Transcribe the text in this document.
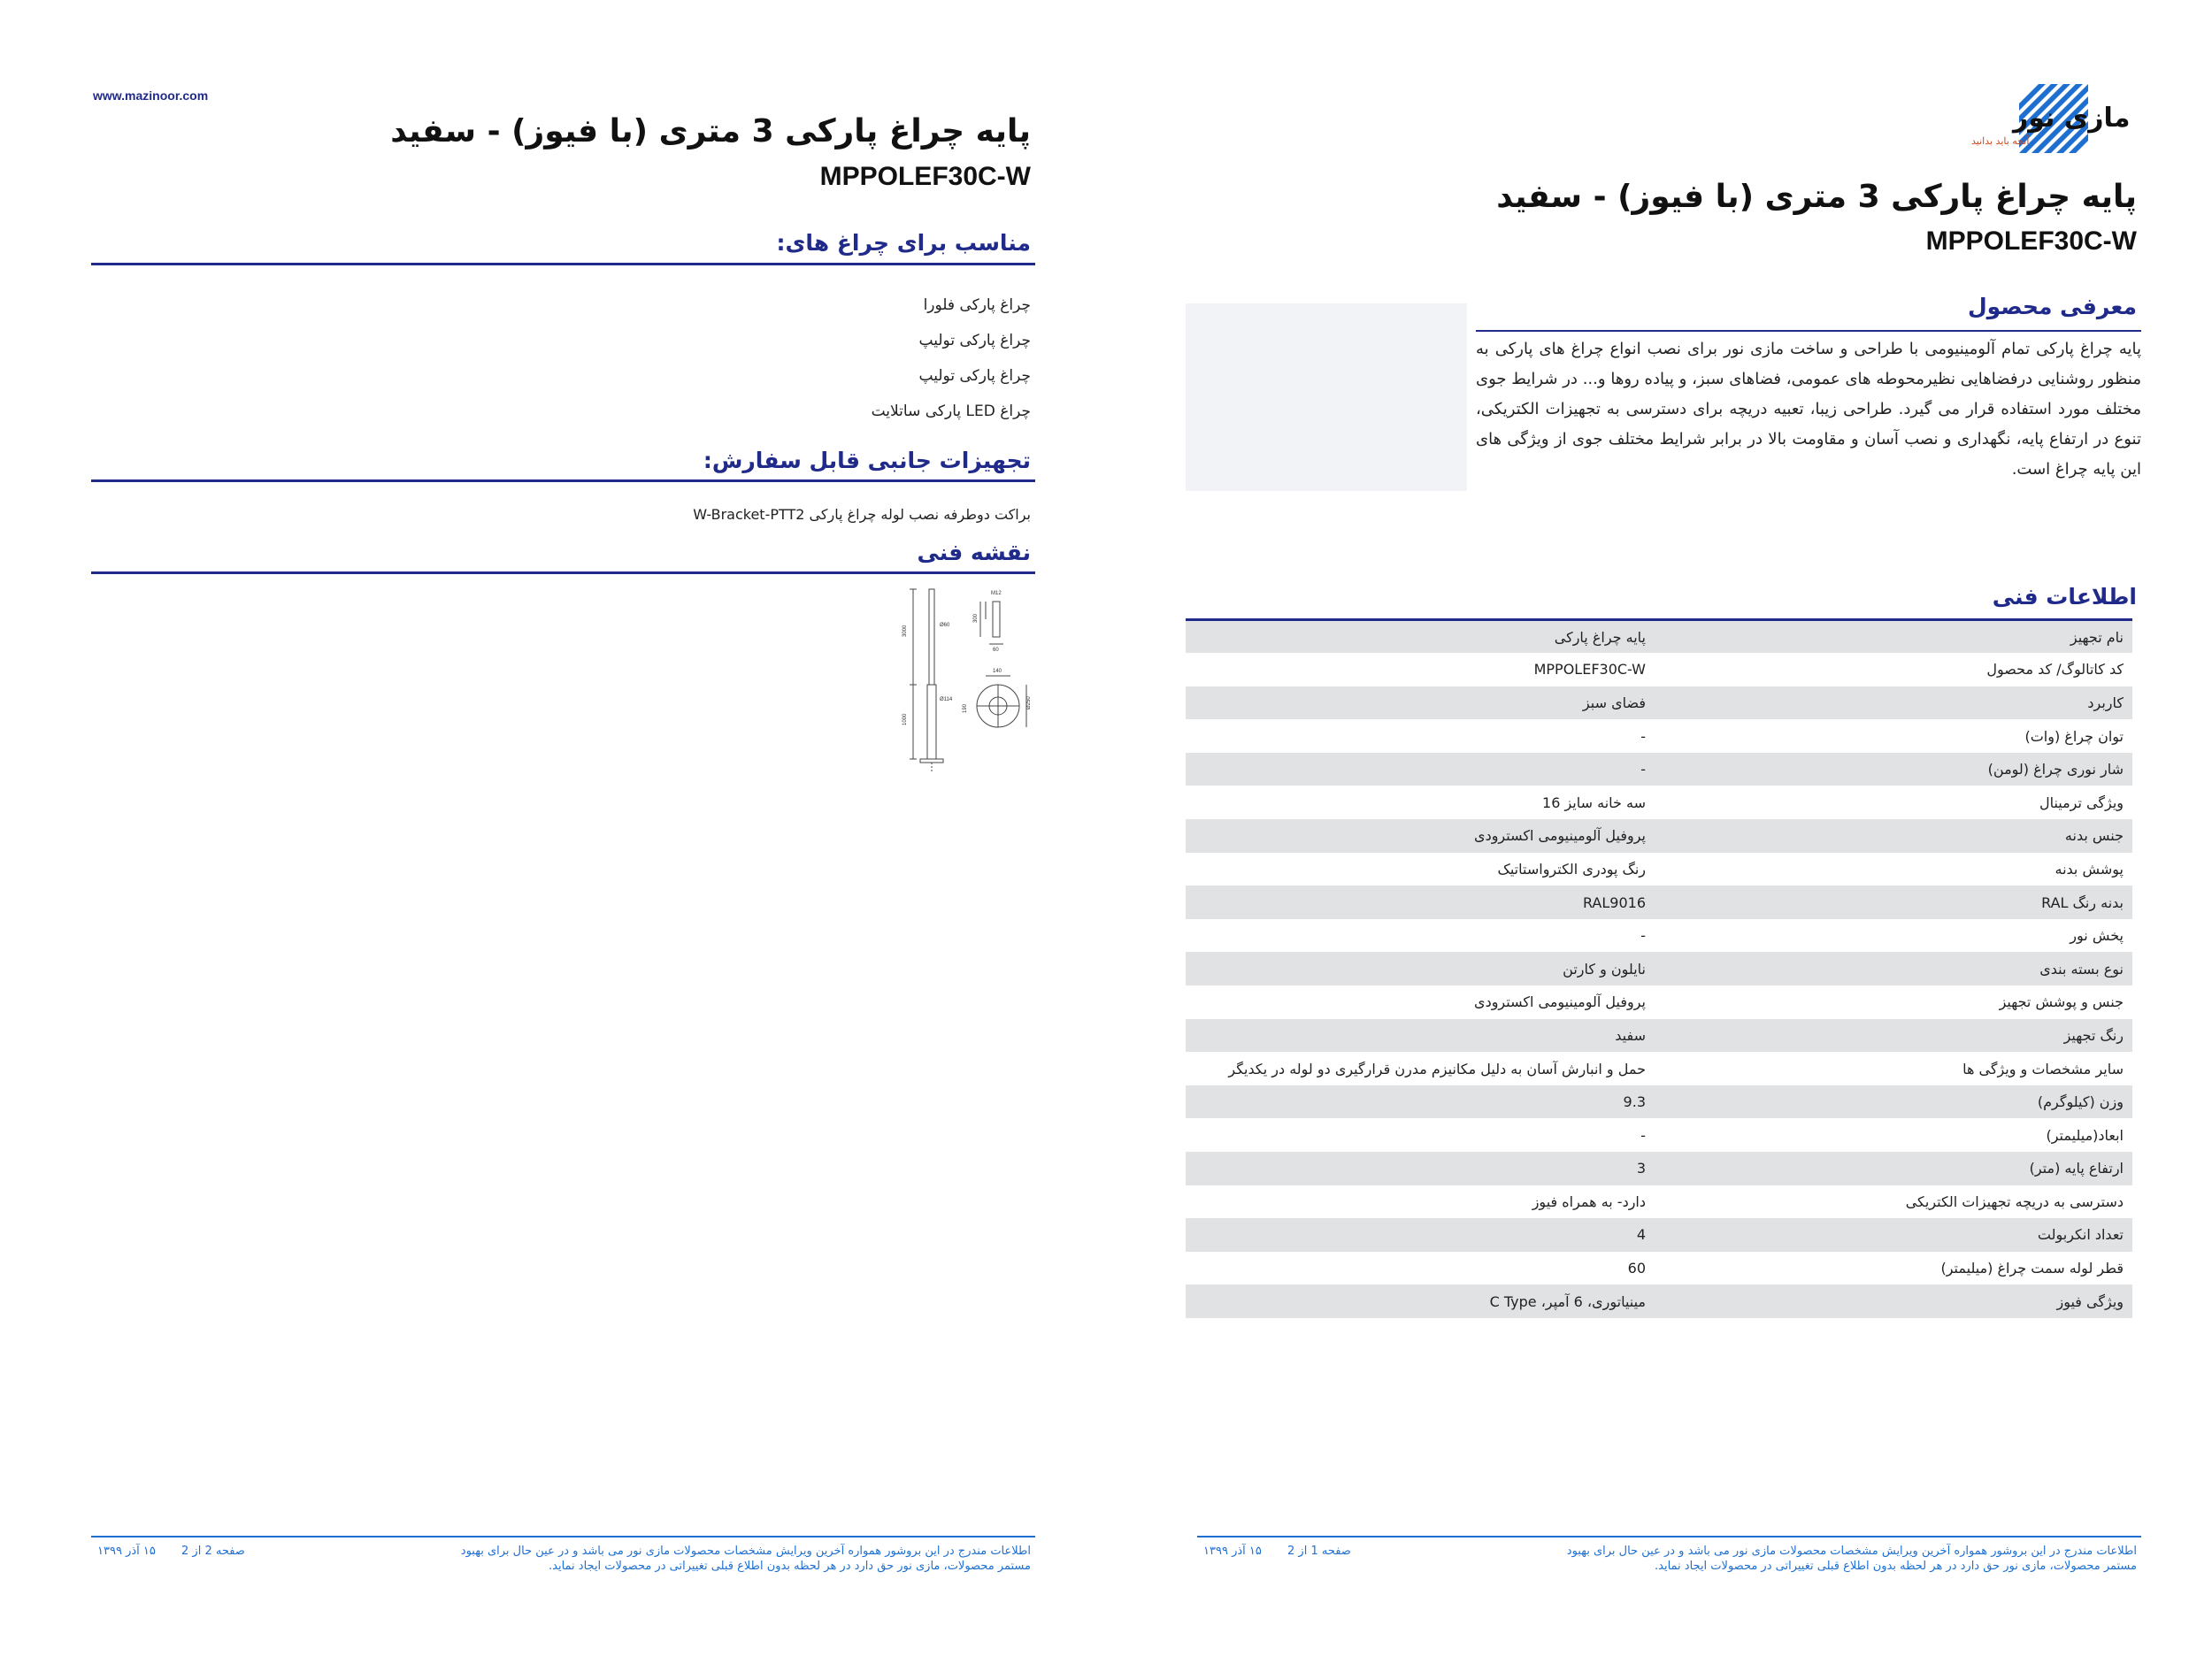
www.mazinoor.com
پایه چراغ پارکی 3 متری (با فیوز) - سفید
MPPOLEF30C-W
مناسب برای چراغ های:
چراغ پارکی فلورا
چراغ پارکی تولیپ
چراغ پارکی تولیپ
چراغ LED پارکی ساتلایت
تجهیزات جانبی قابل سفارش:
براکت دوطرفه نصب لوله چراغ پارکی W-Bracket-PTT2
نقشه فنی
M12
3000
1000
Ø60
Ø114	Ø250
140
60
300
190
اطلاعات مندرج در این بروشور همواره آخرین ویرایش مشخصات محصولات مازی نور می باشد و در عین حال برای بهبود مستمر محصولات، مازی نور حق دارد در هر لحظه بدون اطلاع قبلی تغییراتی در محصولات ایجاد نماید.
صفحه 2 از 2
۱۵ آذر ۱۳۹۹
مازی نور
آنچه باید بدانید
پایه چراغ پارکی 3 متری (با فیوز) - سفید
MPPOLEF30C-W
معرفی محصول
پایه چراغ پارکی تمام آلومینیومی با طراحی و ساخت مازی نور برای نصب انواع چراغ های پارکی به منظور روشنایی درفضاهایی نظیرمحوطه های عمومی، فضاهای سبز، و پیاده روها و... در شرایط جوی مختلف مورد استفاده قرار می گیرد. طراحی زیبا، تعبیه دریچه برای دسترسی به تجهیزات الکتریکی، تنوع در ارتفاع پایه، نگهداری و نصب آسان و مقاومت بالا در برابر شرایط مختلف جوی از ویژگی های این پایه چراغ است.
اطلاعات فنی
نام تجهیز	پایه چراغ پارکی
کد کاتالوگ/ کد محصول	MPPOLEF30C-W
کاربرد	فضای سبز
توان چراغ (وات)	-
شار نوری چراغ (لومن)	-
ویژگی ترمینال	سه خانه سایز 16
جنس بدنه	پروفیل آلومینیومی اکسترودی
پوشش بدنه	رنگ پودری الکترواستاتیک
بدنه رنگ RAL	RAL9016
پخش نور	-
نوع بسته بندی	نایلون و کارتن
جنس و پوشش تجهیز	پروفیل آلومینیومی اکسترودی
رنگ تجهیز	سفید
سایر مشخصات و ویژگی ها	حمل و انبارش آسان به دلیل مکانیزم مدرن قرارگیری دو لوله در یکدیگر
وزن (کیلوگرم)	9.3
ابعاد(میلیمتر)	-
ارتفاع پایه (متر)	3
دسترسی به دریچه تجهیزات الکتریکی	دارد- به همراه فیوز
تعداد انکربولت	4
قطر لوله سمت چراغ (میلیمتر)	60
ویژگی فیوز	مینیاتوری، 6 آمپر، C Type
اطلاعات مندرج در این بروشور همواره آخرین ویرایش مشخصات محصولات مازی نور می باشد و در عین حال برای بهبود مستمر محصولات، مازی نور حق دارد در هر لحظه بدون اطلاع قبلی تغییراتی در محصولات ایجاد نماید.
صفحه 1 از 2
۱۵ آذر ۱۳۹۹
